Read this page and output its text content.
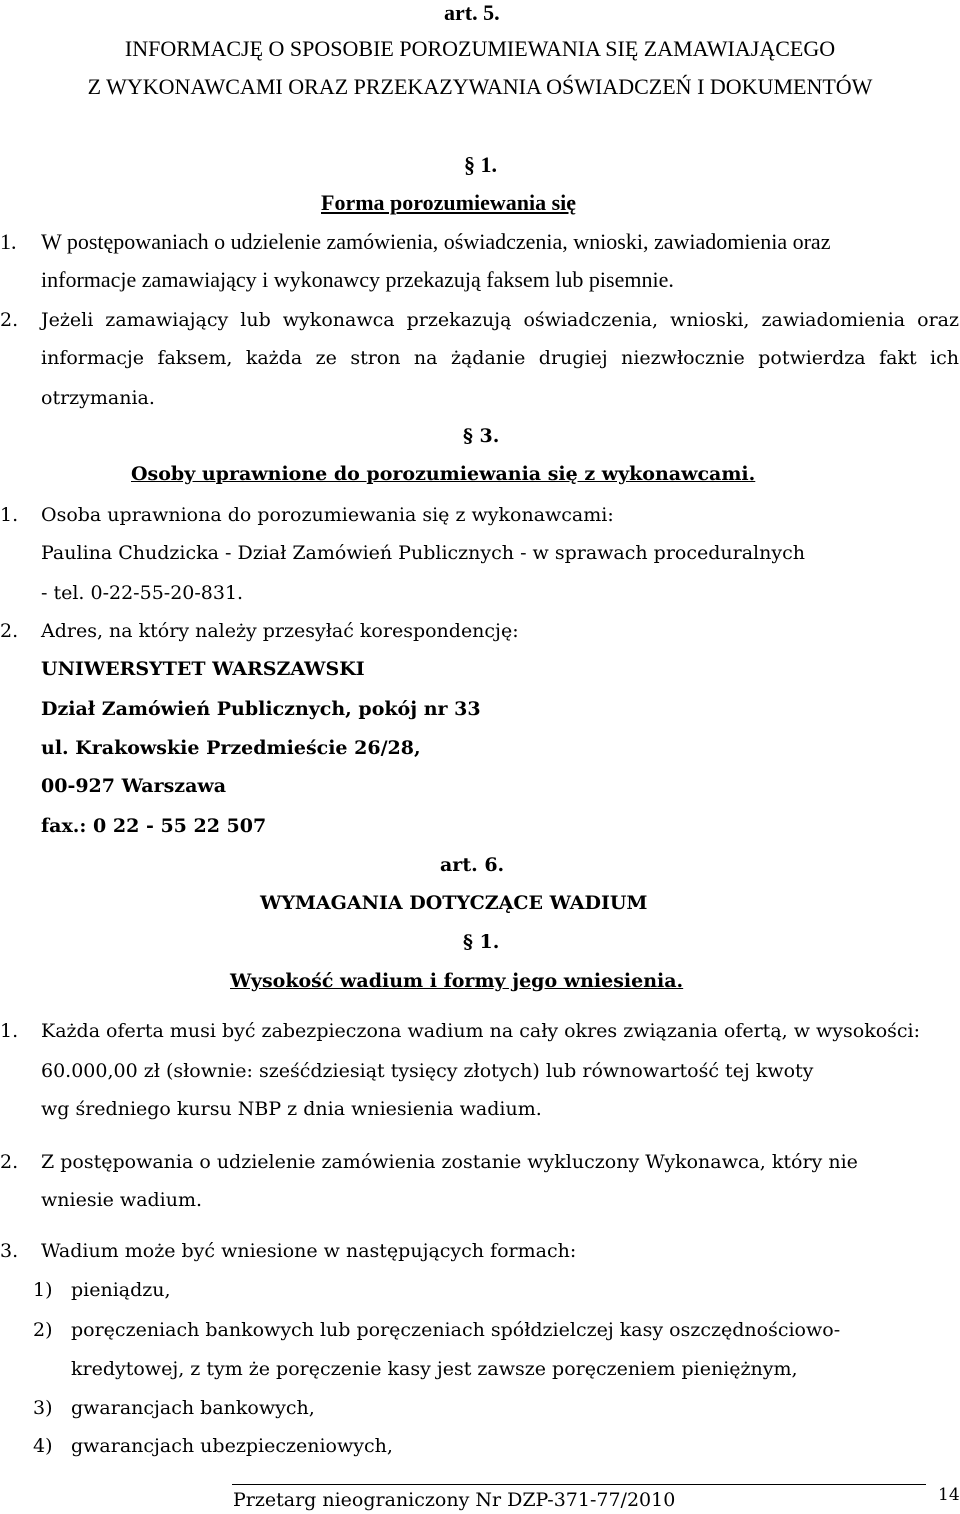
art. 5.
INFORMACJĘ O SPOSOBIE POROZUMIEWANIA SIĘ ZAMAWIAJĄCEGO
Z WYKONAWCAMI ORAZ PRZEKAZYWANIA OŚWIADCZEŃ I DOKUMENTÓW
§ 1.
Forma porozumiewania się
1. W postępowaniach o udzielenie zamówienia, oświadczenia, wnioski, zawiadomienia oraz
informacje zamawiający i wykonawcy przekazują faksem lub pisemnie.
2. Jeżeli zamawiający lub wykonawca przekazują oświadczenia, wnioski, zawiadomienia oraz
informacje faksem, każda ze stron na żądanie drugiej niezwłocznie potwierdza fakt ich
otrzymania.
§ 3.
Osoby uprawnione do porozumiewania się z wykonawcami.
1. Osoba uprawniona do porozumiewania się z wykonawcami:
Paulina Chudzicka - Dział Zamówień Publicznych - w sprawach proceduralnych
- tel. 0-22-55-20-831.
2. Adres, na który należy przesyłać korespondencję:
UNIWERSYTET WARSZAWSKI
Dział Zamówień Publicznych, pokój nr 33
ul. Krakowskie Przedmieście 26/28,
00-927 Warszawa
fax.: 0 22 - 55 22 507
art. 6.
WYMAGANIA DOTYCZĄCE WADIUM
§ 1.
Wysokość wadium i formy jego wniesienia.
1. Każda oferta musi być zabezpieczona wadium na cały okres związania ofertą, w wysokości:
60.000,00 zł (słownie: sześćdziesiąt tysięcy złotych) lub równowartość tej kwoty
wg średniego kursu NBP z dnia wniesienia wadium.
2. Z postępowania o udzielenie zamówienia zostanie wykluczony Wykonawca, który nie
wniesie wadium.
3. Wadium może być wniesione w następujących formach:
1) pieniądzu,
2) poręczeniach bankowych lub poręczeniach spółdzielczej kasy oszczędnościowo-
kredytowej, z tym że poręczenie kasy jest zawsze poręczeniem pieniężnym,
3) gwarancjach bankowych,
4) gwarancjach ubezpieczeniowych,
Przetarg nieograniczony Nr DZP-371-77/2010	14
